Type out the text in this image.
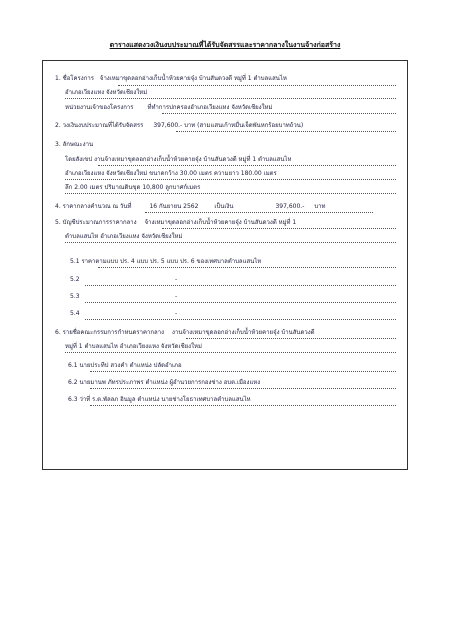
ตารางแสดงวงเงินงบประมาณที่ได้รับจัดสรรและราคากลางในงานจ้างก่อสร้าง
1. ชื่อโครงการ จ้างเหมาขุดลอกอ่างเก็บน้ำห้วยคายจุ๋ง บ้านสันดวงดี หมู่ที่ 1 ตำบลแสนไห
อำเภอเวียงแหง จังหวัดเชียงใหม่
หน่วยงานเจ้าของโครงการ ที่ทำการปกครองอำเภอเวียงแหง จังหวัดเชียงใหม่
2. วงเงินงบประมาณที่ได้รับจัดสรร 397,600.- บาท (สามแสนเก้าหมื่นเจ็ดพันหกร้อยบาทถ้วน)
3. ลักษณะงาน
โดยสังเขป งานจ้างเหมาขุดลอกอ่างเก็บน้ำห้วยคายจุ๋ง บ้านสันดวงดี หมู่ที่ 1 ตำบลแสนไห
อำเภอเวียงแหง จังหวัดเชียงใหม่ ขนาดกว้าง 30.00 เมตร ความยาว 180.00 เมตร
ลึก 2.00 เมตร ปริมาณดินขุด 10,800 ลูกบาศก์เมตร
4. ราคากลางคำนวณ ณ วันที่	16 กันยายน 2562	เป็นเงิน	397,600.- บาท
5. บัญชีประมาณการราคากลาง จ้างเหมาขุดลอกอ่างเก็บน้ำห้วยคายจุ๋ง บ้านสันดวงดี หมู่ที่ 1
ตำบลแสนไห อำเภอเวียงแหง จังหวัดเชียงใหม่
5.1 ราคาตามแบบ ปร. 4 แบบ ปร. 5 แบบ ปร. 6 ของเทศบาลตำบลแสนไห
5.2	-
5.3	-
5.4	-
6. รายชื่อคณะกรรมการกำหนดราคากลาง งานจ้างเหมาขุดลอกอ่างเก็บน้ำห้วยคายจุ๋ง บ้านสันดวงดี
หมู่ที่ 1 ตำบลแสนไห อำเภอเวียงแหง จังหวัดเชียงใหม่
6.1 นายประทีป สวงคำ ตำแหน่ง ปลัดอำเภอ
6.2 นายมานพ ภัทรประภาพร ตำแหน่ง ผู้อำนวยการกองช่าง อบต.เมืองแหง
6.3 ว่าที่ ร.ต.พัลลภ อินมูล ตำแหน่ง นายช่างโยธาเทศบาลตำบลแสนไห
